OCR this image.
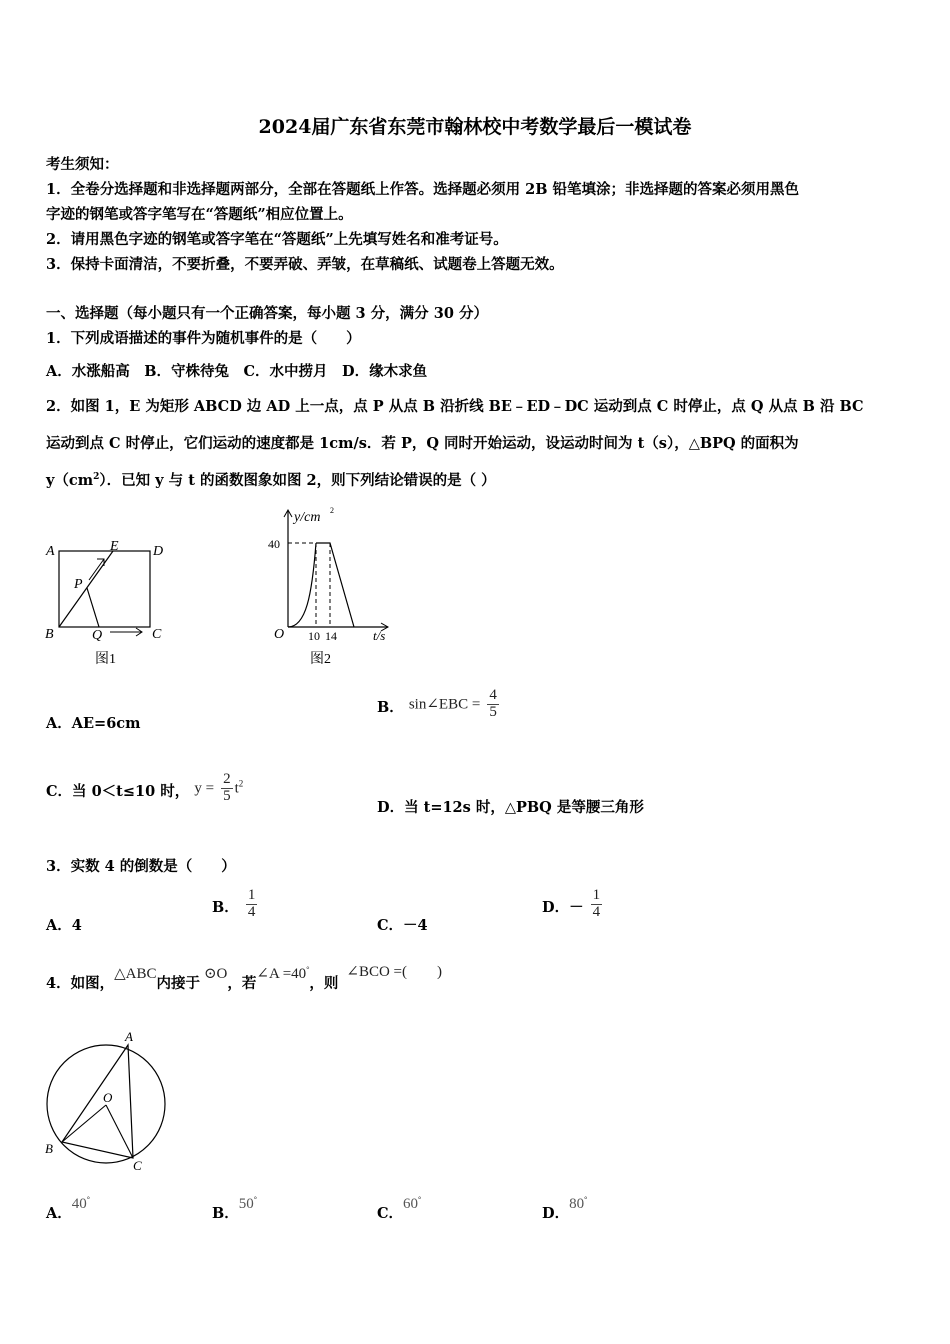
2024届广东省东莞市翰林校中考数学最后一模试卷
考生须知：
1．全卷分选择题和非选择题两部分，全部在答题纸上作答。选择题必须用 2B 铅笔填涂；非选择题的答案必须用黑色
字迹的钢笔或答字笔写在“答题纸”相应位置上。
2．请用黑色字迹的钢笔或答字笔在“答题纸”上先填写姓名和准考证号。
3．保持卡面清洁，不要折叠，不要弄破、弄皱，在草稿纸、试题卷上答题无效。
一、选择题（每小题只有一个正确答案，每小题 3 分，满分 30 分）
1．下列成语描述的事件为随机事件的是（　　）
A．水涨船高　B．守株待兔　C．水中捞月　D．缘木求鱼
2．如图 1，E 为矩形 ABCD 边 AD 上一点，点 P 从点 B 沿折线 BE﹣ED﹣DC 运动到点 C 时停止，点 Q 从点 B 沿 BC
运动到点 C 时停止，它们运动的速度都是 1cm/s．若 P，Q 同时开始运动，设运动时间为 t（s），△BPQ 的面积为
$y(cm^2)$．已知 y 与 t 的函数图象如图 2，则下列结论错误的是（ ）
A	E D
P
B	Q	C
图1
y/cm 2
40
O 10 14	t/s
图2
A．AE=6cm
B． sin∠EBC = $\frac{4}{5}$
C．当 0＜t≤10 时， $y = \frac{2}{5} t^2$
D．当 t=12s 时，△PBQ 是等腰三角形
3．实数 4 的倒数是（　　）
A．4
B． $\frac{1}{4}$
C．－4
D．－ $\frac{1}{4}$
4．如图，△ABC内接于⊙O，若∠A =40°，则∠BCO =(　　)
A
O
B
C
A．40°
B．50°
C．60°
D．80°
